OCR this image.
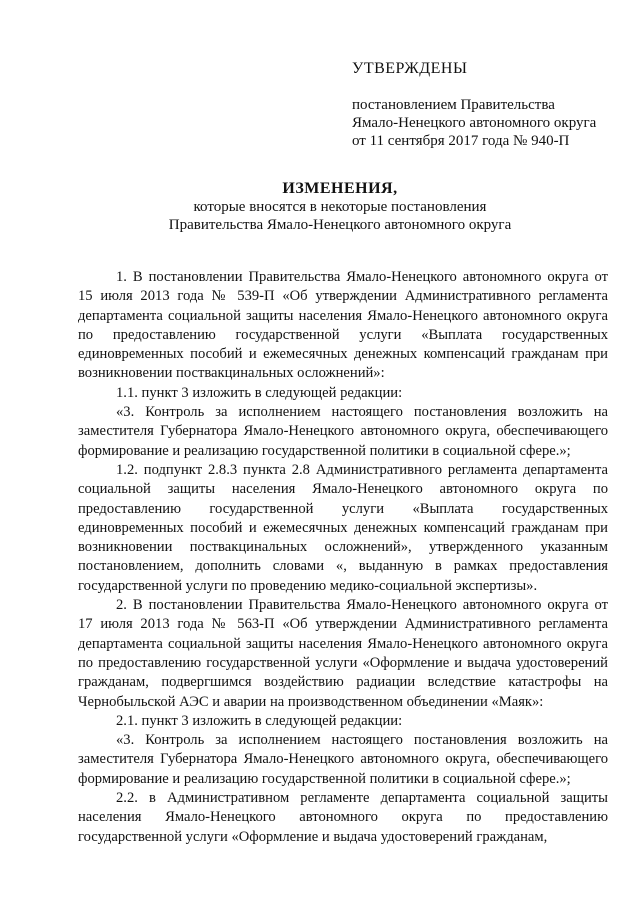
УТВЕРЖДЕНЫ
постановлением Правительства
Ямало-Ненецкого автономного округа
от 11 сентября 2017 года № 940-П
ИЗМЕНЕНИЯ,
которые вносятся в некоторые постановления
Правительства Ямало-Ненецкого автономного округа

1. В постановлении Правительства Ямало-Ненецкого автономного округа от 15 июля 2013 года № 539-П «Об утверждении Административного регламента департамента социальной защиты населения Ямало-Ненецкого автономного округа по предоставлению государственной услуги «Выплата государственных единовременных пособий и ежемесячных денежных компенсаций гражданам при возникновении поствакцинальных осложнений»:

1.1. пункт 3 изложить в следующей редакции:

«3. Контроль за исполнением настоящего постановления возложить на заместителя Губернатора Ямало-Ненецкого автономного округа, обеспечивающего формирование и реализацию государственной политики в социальной сфере.»;

1.2. подпункт 2.8.3 пункта 2.8 Административного регламента департамента социальной защиты населения Ямало-Ненецкого автономного округа по предоставлению государственной услуги «Выплата государственных единовременных пособий и ежемесячных денежных компенсаций гражданам при возникновении поствакцинальных осложнений», утвержденного указанным постановлением, дополнить словами «, выданную в рамках предоставления государственной услуги по проведению медико-социальной экспертизы».

2. В постановлении Правительства Ямало-Ненецкого автономного округа от 17 июля 2013 года № 563-П «Об утверждении Административного регламента департамента социальной защиты населения Ямало-Ненецкого автономного округа по предоставлению государственной услуги «Оформление и выдача удостоверений гражданам, подвергшимся воздействию радиации вследствие катастрофы на Чернобыльской АЭС и аварии на производственном объединении «Маяк»:

2.1. пункт 3 изложить в следующей редакции:

«3. Контроль за исполнением настоящего постановления возложить на заместителя Губернатора Ямало-Ненецкого автономного округа, обеспечивающего формирование и реализацию государственной политики в социальной сфере.»;

2.2. в Административном регламенте департамента социальной защиты населения Ямало-Ненецкого автономного округа по предоставлению государственной услуги «Оформление и выдача удостоверений гражданам,
